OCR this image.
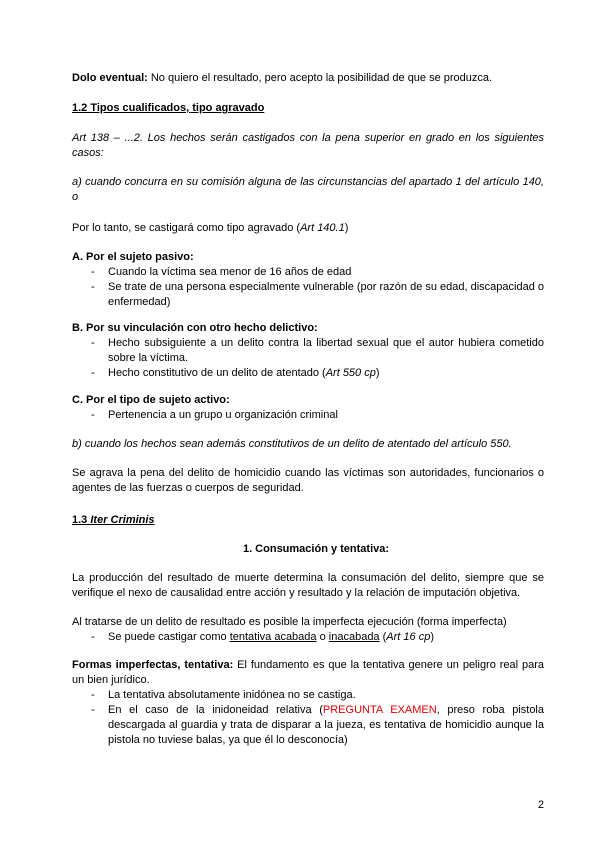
Dolo eventual: No quiero el resultado, pero acepto la posibilidad de que se produzca.
1.2 Tipos cualificados, tipo agravado
Art 138 – ...2. Los hechos serán castigados con la pena superior en grado en los siguientes casos:
a) cuando concurra en su comisión alguna de las circunstancias del apartado 1 del artículo 140, o
Por lo tanto, se castigará como tipo agravado (Art 140.1)
A. Por el sujeto pasivo:
- Cuando la víctima sea menor de 16 años de edad
- Se trate de una persona especialmente vulnerable (por razón de su edad, discapacidad o enfermedad)
B. Por su vinculación con otro hecho delictivo:
- Hecho subsiguiente a un delito contra la libertad sexual que el autor hubiera cometido sobre la víctima.
- Hecho constitutivo de un delito de atentado (Art 550 cp)
C. Por el tipo de sujeto activo:
- Pertenencia a un grupo u organización criminal
b) cuando los hechos sean además constitutivos de un delito de atentado del artículo 550.
Se agrava la pena del delito de homicidio cuando las víctimas son autoridades, funcionarios o agentes de las fuerzas o cuerpos de seguridad.
1.3 Iter Criminis
1. Consumación y tentativa:
La producción del resultado de muerte determina la consumación del delito, siempre que se verifique el nexo de causalidad entre acción y resultado y la relación de imputación objetiva.
Al tratarse de un delito de resultado es posible la imperfecta ejecución (forma imperfecta)
- Se puede castigar como tentativa acabada o inacabada (Art 16 cp)
Formas imperfectas, tentativa: El fundamento es que la tentativa genere un peligro real para un bien jurídico.
- La tentativa absolutamente inidónea no se castiga.
- En el caso de la inidoneidad relativa (PREGUNTA EXAMEN, preso roba pistola descargada al guardia y trata de disparar a la jueza, es tentativa de homicidio aunque la pistola no tuviese balas, ya que él lo desconocía)
2
